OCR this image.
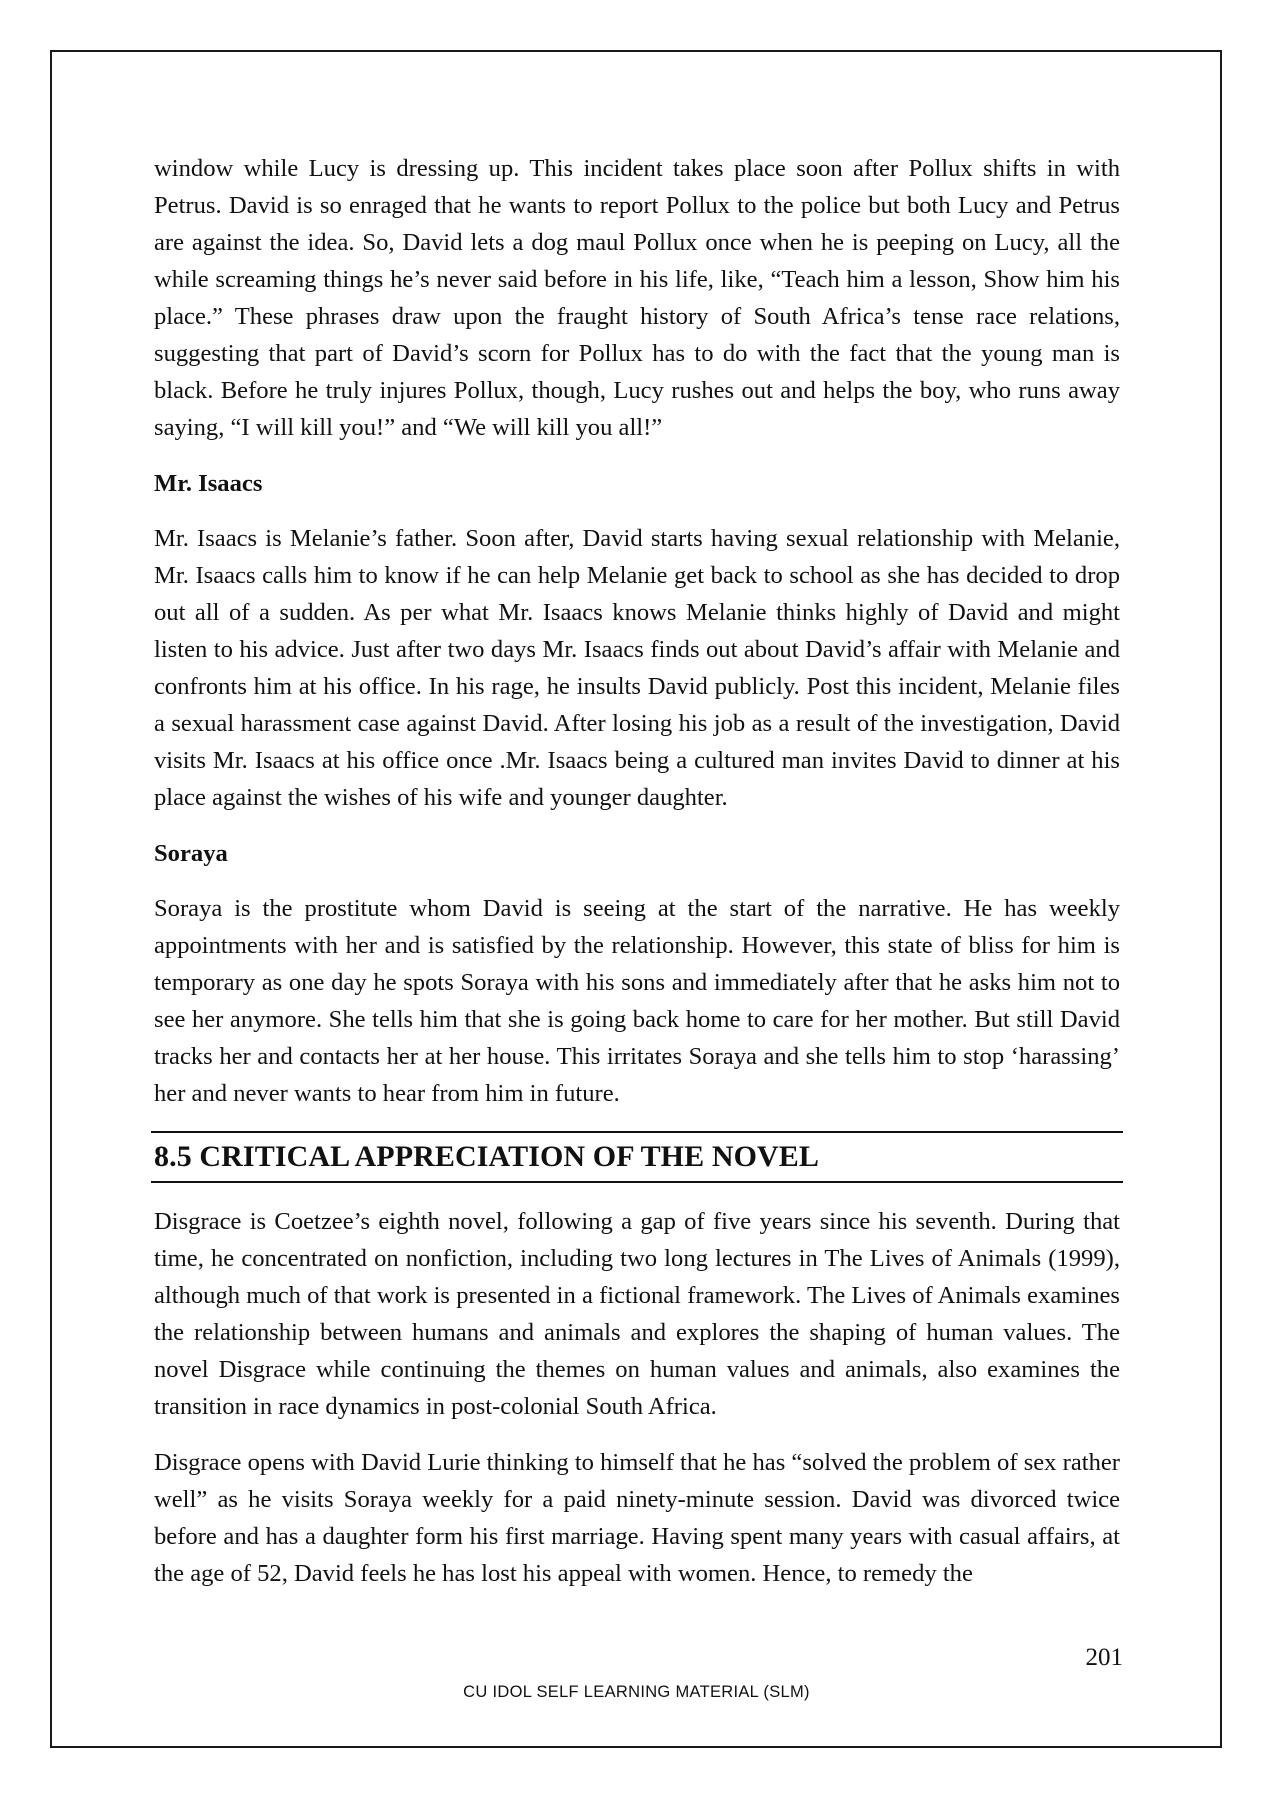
window while Lucy is dressing up. This incident takes place soon after Pollux shifts in with Petrus. David is so enraged that he wants to report Pollux to the police but both Lucy and Petrus are against the idea. So, David lets a dog maul Pollux once when he is peeping on Lucy, all the while screaming things he’s never said before in his life, like, “Teach him a lesson, Show him his place.” These phrases draw upon the fraught history of South Africa’s tense race relations, suggesting that part of David’s scorn for Pollux has to do with the fact that the young man is black. Before he truly injures Pollux, though, Lucy rushes out and helps the boy, who runs away saying, “I will kill you!” and “We will kill you all!”

Mr. Isaacs

Mr. Isaacs is Melanie’s father. Soon after, David starts having sexual relationship with Melanie, Mr. Isaacs calls him to know if he can help Melanie get back to school as she has decided to drop out all of a sudden. As per what Mr. Isaacs knows Melanie thinks highly of David and might listen to his advice. Just after two days Mr. Isaacs finds out about David’s affair with Melanie and confronts him at his office. In his rage, he insults David publicly. Post this incident, Melanie files a sexual harassment case against David. After losing his job as a result of the investigation, David visits Mr. Isaacs at his office once .Mr. Isaacs being a cultured man invites David to dinner at his place against the wishes of his wife and younger daughter.

Soraya

Soraya is the prostitute whom David is seeing at the start of the narrative. He has weekly appointments with her and is satisfied by the relationship. However, this state of bliss for him is temporary as one day he spots Soraya with his sons and immediately after that he asks him not to see her anymore. She tells him that she is going back home to care for her mother. But still David tracks her and contacts her at her house. This irritates Soraya and she tells him to stop ‘harassing’ her and never wants to hear from him in future.

8.5 CRITICAL APPRECIATION OF THE NOVEL

Disgrace is Coetzee’s eighth novel, following a gap of five years since his seventh. During that time, he concentrated on nonfiction, including two long lectures in The Lives of Animals (1999), although much of that work is presented in a fictional framework. The Lives of Animals examines the relationship between humans and animals and explores the shaping of human values. The novel Disgrace while continuing the themes on human values and animals, also examines the transition in race dynamics in post-colonial South Africa.

Disgrace opens with David Lurie thinking to himself that he has “solved the problem of sex rather well” as he visits Soraya weekly for a paid ninety-minute session. David was divorced twice before and has a daughter form his first marriage. Having spent many years with casual affairs, at the age of 52, David feels he has lost his appeal with women. Hence, to remedy the

201
CU IDOL SELF LEARNING MATERIAL (SLM)
